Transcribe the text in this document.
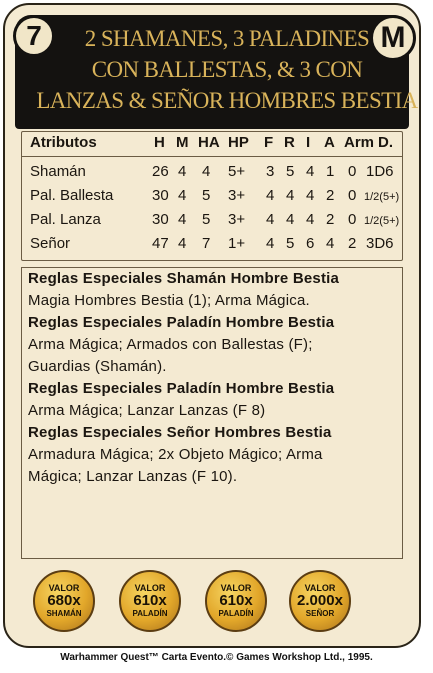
2 SHAMANES, 3 PALADINES
CON BALLESTAS, & 3 CON
LANZAS & SEÑOR HOMBRES BESTIA
7	M
Atributos	H M HA HP F R I A Arm D.
Shamán	26 4 4 5+ 3 5 4 1 0 1D6
Pal. Ballesta	30 4 5 3+ 4 4 4 2 0 1/2(5+)
Pal. Lanza	30 4 5 3+ 4 4 4 2 0 1/2(5+)
Señor	47 4 7 1+ 4 5 6 4 2 3D6

Reglas Especiales Shamán Hombre Bestia

Magia Hombres Bestia (1); Arma Mágica.

Reglas Especiales Paladín Hombre Bestia

Arma Mágica; Armados con Ballestas (F);

Guardias (Shamán).

Reglas Especiales Paladín Hombre Bestia

Arma Mágica; Lanzar Lanzas (F 8)

Reglas Especiales Señor Hombres Bestia

Armadura Mágica; 2x Objeto Mágico; Arma

Mágica; Lanzar Lanzas (F 10).

VALOR
680x
SHAMÁN
VALOR
610x
PALADÍN
VALOR
610x
PALADÍN
VALOR
2.000x
SEÑOR
Warhammer Quest™ Carta Evento.© Games Workshop Ltd., 1995.
